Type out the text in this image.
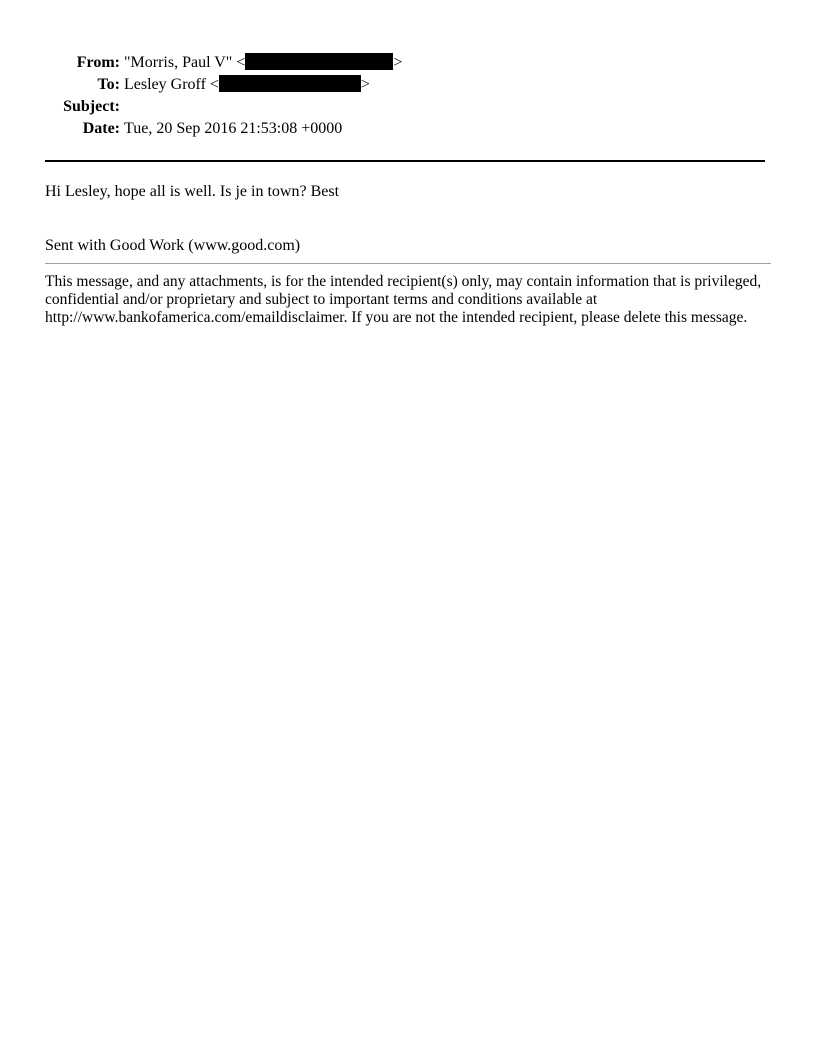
From: "Morris, Paul V" <	>
To: Lesley Groff <	>
Subject:
Date: Tue, 20 Sep 2016 21:53:08 +0000
Hi Lesley, hope all is well. Is je in town? Best
Sent with Good Work (www.good.com)
This message, and any attachments, is for the intended recipient(s) only, may contain information that is privileged, confidential and/or proprietary and subject to important terms and conditions available at http://www.bankofamerica.com/emaildisclaimer. If you are not the intended recipient, please delete this message.
